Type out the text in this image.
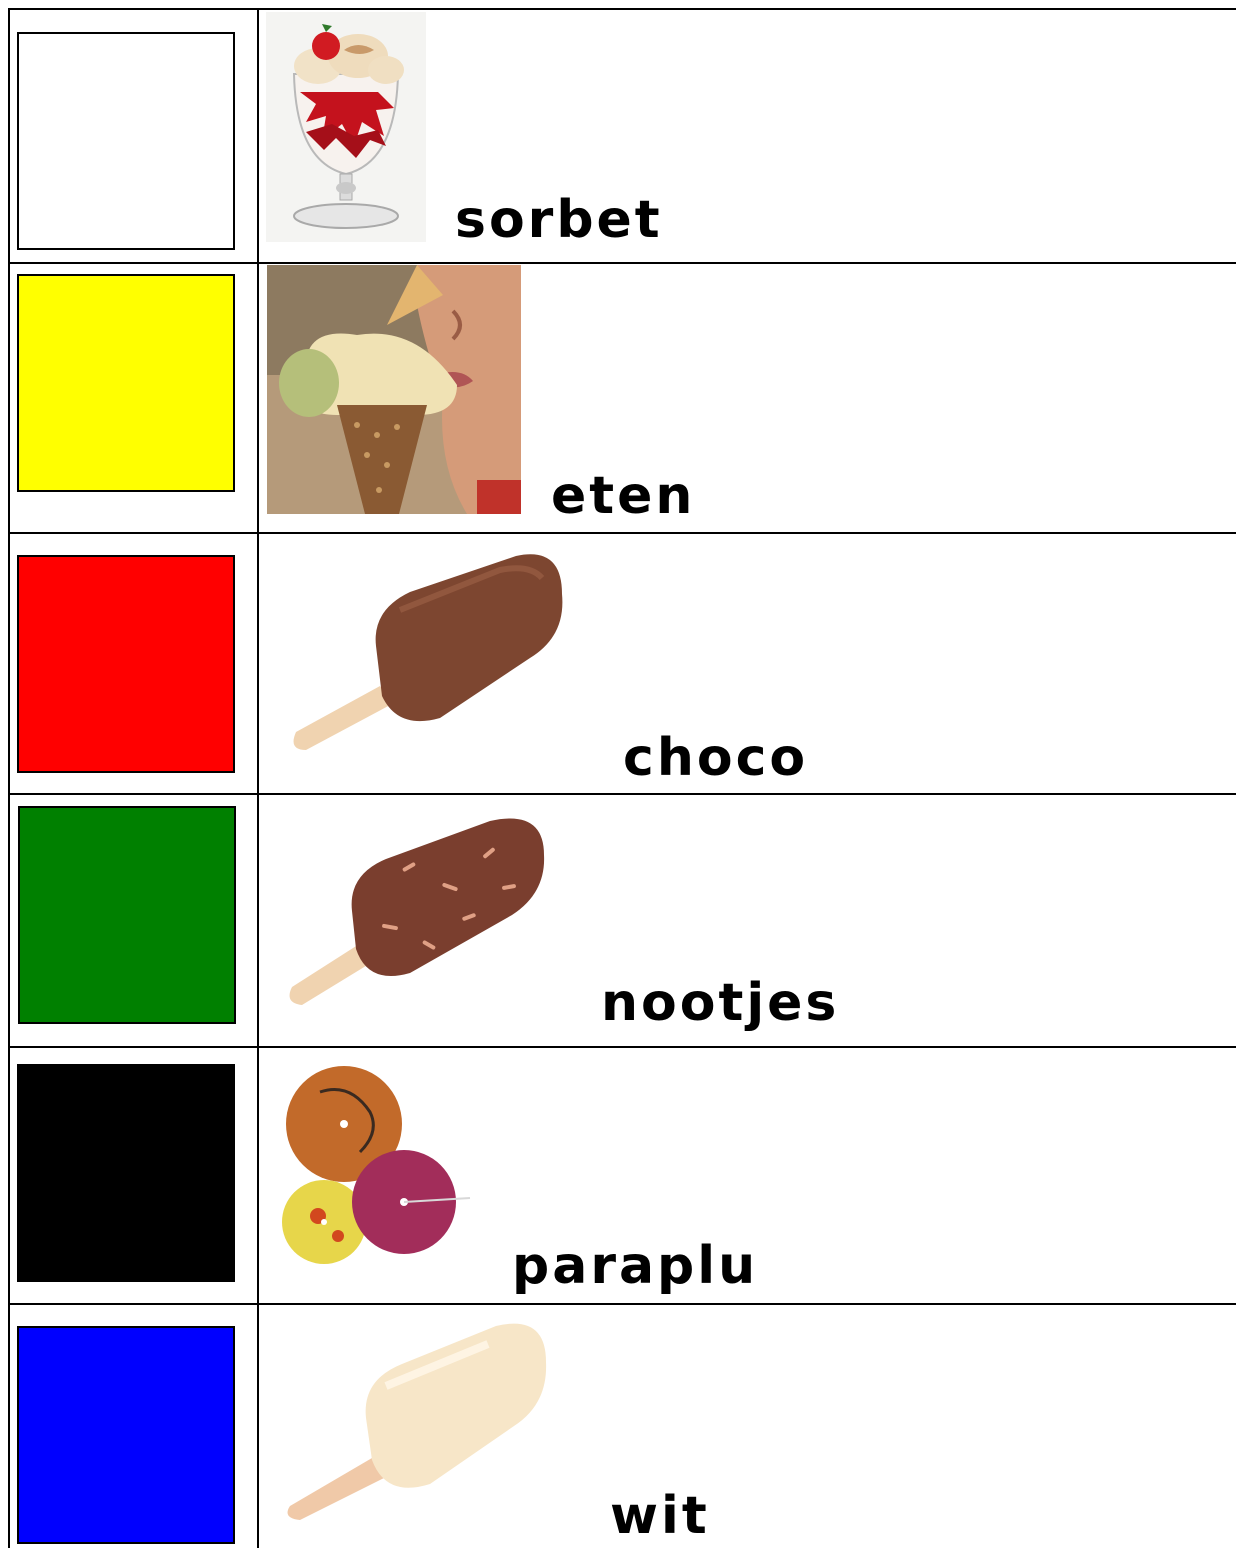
sorbet
eten
choco
nootjes
paraplu
wit
